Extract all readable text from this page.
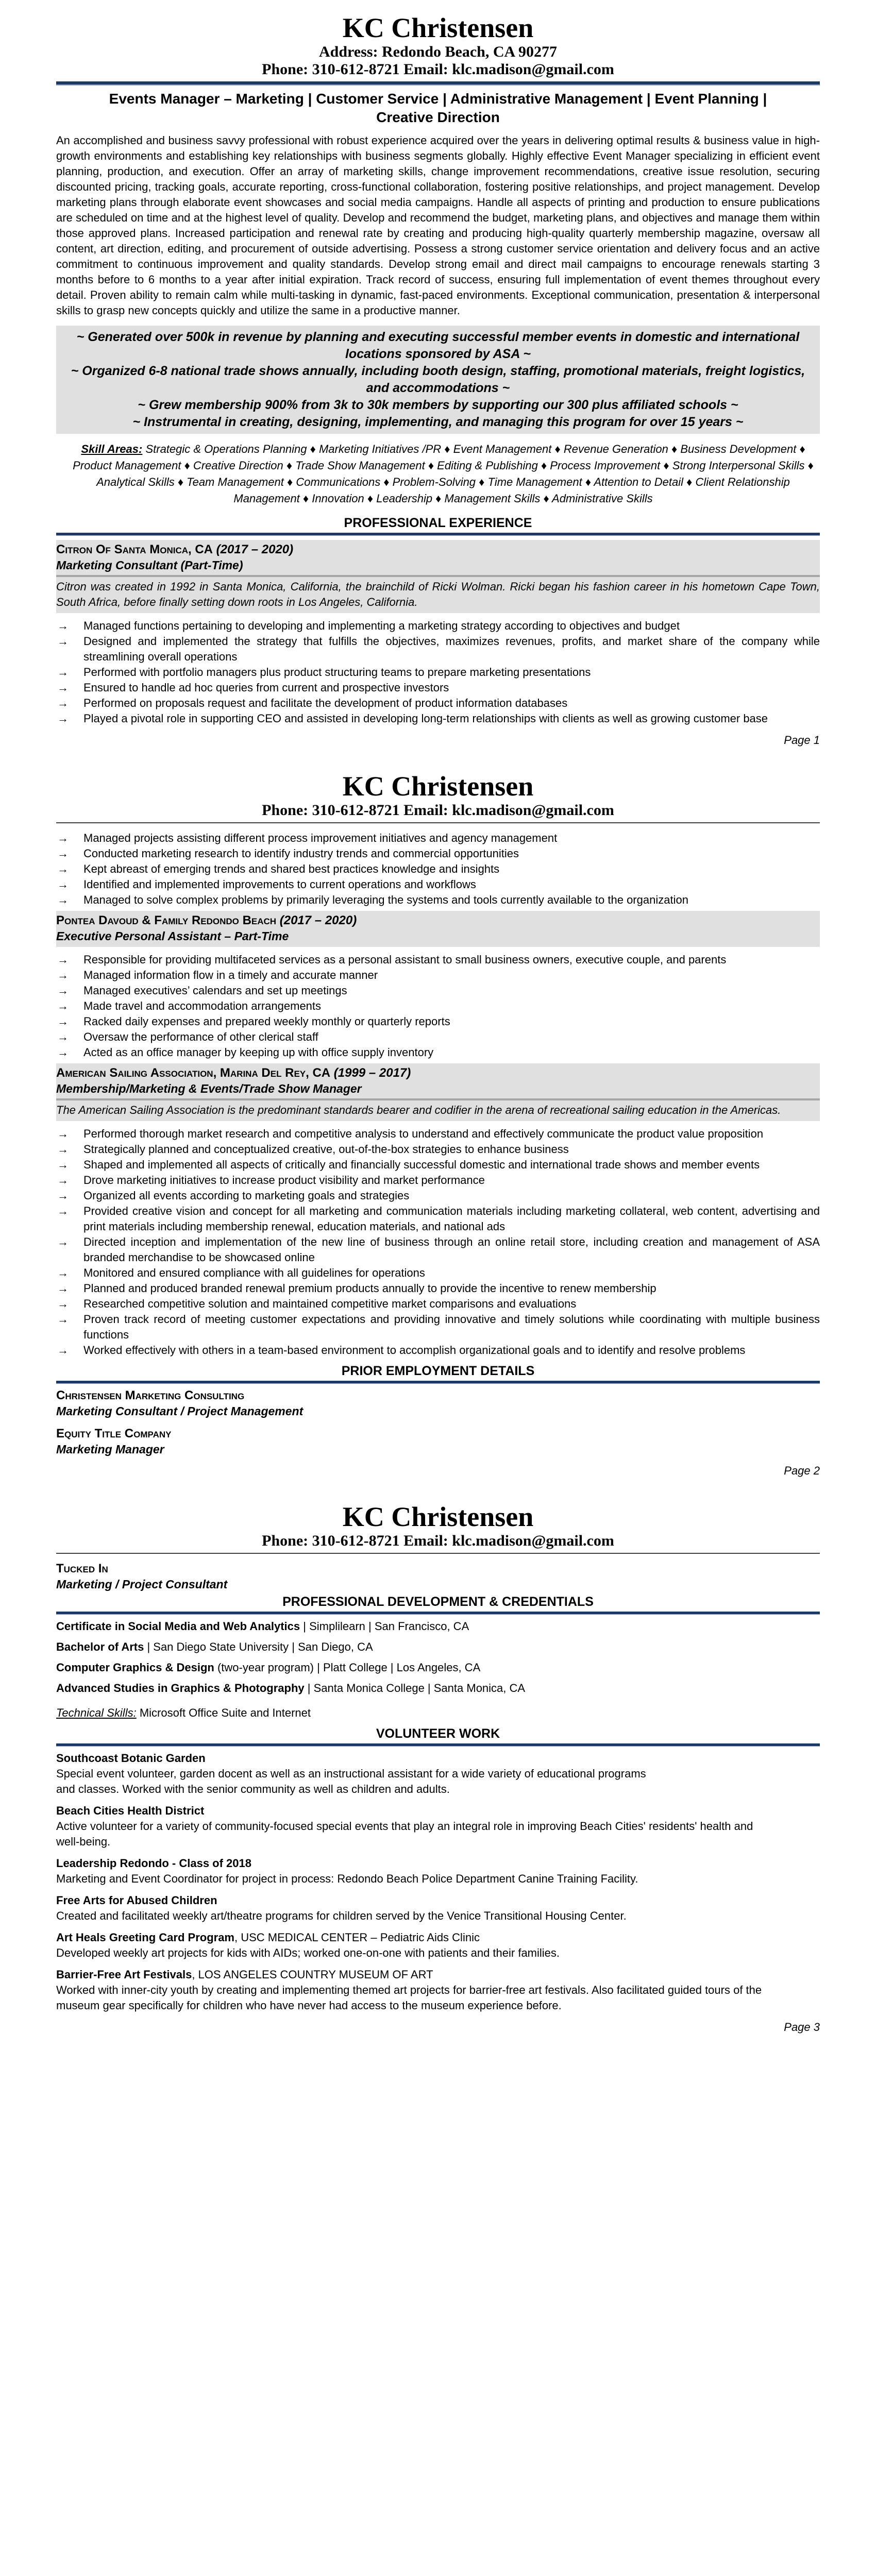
KC Christensen
Address: Redondo Beach, CA 90277
Phone: 310-612-8721 Email: klc.madison@gmail.com
Events Manager – Marketing | Customer Service | Administrative Management | Event Planning | Creative Direction
An accomplished and business savvy professional with robust experience acquired over the years in delivering optimal results & business value in high-growth environments and establishing key relationships with business segments globally. Highly effective Event Manager specializing in efficient event planning, production, and execution. Offer an array of marketing skills, change improvement recommendations, creative issue resolution, securing discounted pricing, tracking goals, accurate reporting, cross-functional collaboration, fostering positive relationships, and project management. Develop marketing plans through elaborate event showcases and social media campaigns. Handle all aspects of printing and production to ensure publications are scheduled on time and at the highest level of quality. Develop and recommend the budget, marketing plans, and objectives and manage them within those approved plans. Increased participation and renewal rate by creating and producing high-quality quarterly membership magazine, oversaw all content, art direction, editing, and procurement of outside advertising. Possess a strong customer service orientation and delivery focus and an active commitment to continuous improvement and quality standards. Develop strong email and direct mail campaigns to encourage renewals starting 3 months before to 6 months to a year after initial expiration. Track record of success, ensuring full implementation of event themes throughout every detail. Proven ability to remain calm while multi-tasking in dynamic, fast-paced environments. Exceptional communication, presentation & interpersonal skills to grasp new concepts quickly and utilize the same in a productive manner.
~ Generated over 500k in revenue by planning and executing successful member events in domestic and international locations sponsored by ASA ~
~ Organized 6-8 national trade shows annually, including booth design, staffing, promotional materials, freight logistics, and accommodations ~
~ Grew membership 900% from 3k to 30k members by supporting our 300 plus affiliated schools ~
~ Instrumental in creating, designing, implementing, and managing this program for over 15 years ~
Skill Areas: Strategic & Operations Planning ♦ Marketing Initiatives /PR ♦ Event Management ♦ Revenue Generation ♦ Business Development ♦ Product Management ♦ Creative Direction ♦ Trade Show Management ♦ Editing & Publishing ♦ Process Improvement ♦ Strong Interpersonal Skills ♦ Analytical Skills ♦ Team Management ♦ Communications ♦ Problem-Solving ♦ Time Management ♦ Attention to Detail ♦ Client Relationship Management ♦ Innovation ♦ Leadership ♦ Management Skills ♦ Administrative Skills
PROFESSIONAL EXPERIENCE
Citron Of Santa Monica, CA (2017 – 2020)
Marketing Consultant (Part-Time)
Citron was created in 1992 in Santa Monica, California, the brainchild of Ricki Wolman. Ricki began his fashion career in his hometown Cape Town, South Africa, before finally setting down roots in Los Angeles, California.
→ Managed functions pertaining to developing and implementing a marketing strategy according to objectives and budget
→ Designed and implemented the strategy that fulfills the objectives, maximizes revenues, profits, and market share of the company while streamlining overall operations
→ Performed with portfolio managers plus product structuring teams to prepare marketing presentations
→ Ensured to handle ad hoc queries from current and prospective investors
→ Performed on proposals request and facilitate the development of product information databases
→ Played a pivotal role in supporting CEO and assisted in developing long-term relationships with clients as well as growing customer base
Page 1
KC Christensen
Phone: 310-612-8721 Email: klc.madison@gmail.com
→ Managed projects assisting different process improvement initiatives and agency management
→ Conducted marketing research to identify industry trends and commercial opportunities
→ Kept abreast of emerging trends and shared best practices knowledge and insights
→ Identified and implemented improvements to current operations and workflows
→ Managed to solve complex problems by primarily leveraging the systems and tools currently available to the organization
Pontea Davoud & Family Redondo Beach (2017 – 2020)
Executive Personal Assistant – Part-Time
→ Responsible for providing multifaceted services as a personal assistant to small business owners, executive couple, and parents
→ Managed information flow in a timely and accurate manner
→ Managed executives’ calendars and set up meetings
→ Made travel and accommodation arrangements
→ Racked daily expenses and prepared weekly monthly or quarterly reports
→ Oversaw the performance of other clerical staff
→ Acted as an office manager by keeping up with office supply inventory
American Sailing Association, Marina Del Rey, CA (1999 – 2017)
Membership/Marketing & Events/Trade Show Manager
The American Sailing Association is the predominant standards bearer and codifier in the arena of recreational sailing education in the Americas.
→ Performed thorough market research and competitive analysis to understand and effectively communicate the product value proposition
→ Strategically planned and conceptualized creative, out-of-the-box strategies to enhance business
→ Shaped and implemented all aspects of critically and financially successful domestic and international trade shows and member events
→ Drove marketing initiatives to increase product visibility and market performance
→ Organized all events according to marketing goals and strategies
→ Provided creative vision and concept for all marketing and communication materials including marketing collateral, web content, advertising and print materials including membership renewal, education materials, and national ads
→ Directed inception and implementation of the new line of business through an online retail store, including creation and management of ASA branded merchandise to be showcased online
→ Monitored and ensured compliance with all guidelines for operations
→ Planned and produced branded renewal premium products annually to provide the incentive to renew membership
→ Researched competitive solution and maintained competitive market comparisons and evaluations
→ Proven track record of meeting customer expectations and providing innovative and timely solutions while coordinating with multiple business functions
→ Worked effectively with others in a team-based environment to accomplish organizational goals and to identify and resolve problems
PRIOR EMPLOYMENT DETAILS
Christensen Marketing Consulting
Marketing Consultant / Project Management
Equity Title Company
Marketing Manager
Page 2
KC Christensen
Phone: 310-612-8721 Email: klc.madison@gmail.com
Tucked In
Marketing / Project Consultant
PROFESSIONAL DEVELOPMENT & CREDENTIALS
Certificate in Social Media and Web Analytics | Simplilearn | San Francisco, CA
Bachelor of Arts | San Diego State University | San Diego, CA
Computer Graphics & Design (two-year program) | Platt College | Los Angeles, CA
Advanced Studies in Graphics & Photography | Santa Monica College | Santa Monica, CA
Technical Skills: Microsoft Office Suite and Internet
VOLUNTEER WORK
Southcoast Botanic Garden
Special event volunteer, garden docent as well as an instructional assistant for a wide variety of educational programs and classes. Worked with the senior community as well as children and adults.
Beach Cities Health District
Active volunteer for a variety of community-focused special events that play an integral role in improving Beach Cities' residents' health and well-being.
Leadership Redondo - Class of 2018
Marketing and Event Coordinator for project in process: Redondo Beach Police Department Canine Training Facility.
Free Arts for Abused Children
Created and facilitated weekly art/theatre programs for children served by the Venice Transitional Housing Center.
Art Heals Greeting Card Program, USC MEDICAL CENTER – Pediatric Aids Clinic
Developed weekly art projects for kids with AIDs; worked one-on-one with patients and their families.
Barrier-Free Art Festivals, LOS ANGELES COUNTRY MUSEUM OF ART
Worked with inner-city youth by creating and implementing themed art projects for barrier-free art festivals. Also facilitated guided tours of the museum gear specifically for children who have never had access to the museum experience before.
Page 3
